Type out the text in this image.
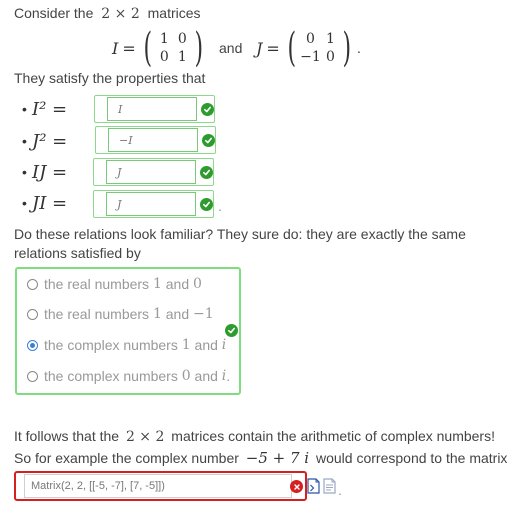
Consider the 2 × 2 matrices
I = ( 1 0
0 1 ) and J = ( 0 1
−1 0 ) .
They satisfy the properties that
• I² =	I
• J² =	−I
• IJ =	J
• JI =	J	.
Do these relations look familiar? They sure do: they are exactly the same
relations satisfied by
the real numbers 1 and 0
the real numbers 1 and −1
the complex numbers 1 and i
the complex numbers 0 and i .
It follows that the 2 × 2 matrices contain the arithmetic of complex numbers!
So for example the complex number −5 + 7 i would correspond to the matrix
Matrix(2, 2, [[-5, -7], [7, -5]])	.
